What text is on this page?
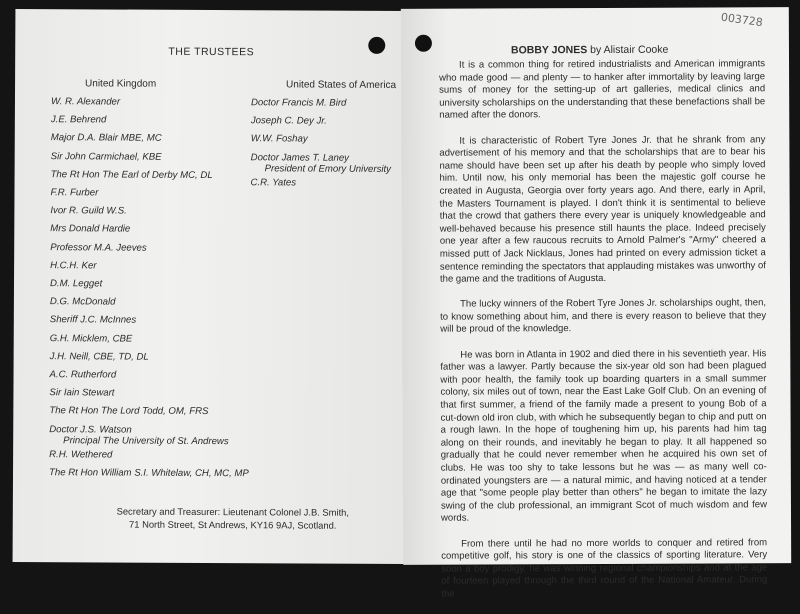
THE TRUSTEES
United Kingdom	United States of America
W. R. Alexander
J.E. Behrend
Major D.A. Blair MBE, MC
Sir John Carmichael, KBE
The Rt Hon The Earl of Derby MC, DL
F.R. Furber
Ivor R. Guild W.S.
Mrs Donald Hardie
Professor M.A. Jeeves
H.C.H. Ker
D.M. Legget
D.G. McDonald
Sheriff J.C. McInnes
G.H. Micklem, CBE
J.H. Neill, CBE, TD, DL
A.C. Rutherford
Sir Iain Stewart
The Rt Hon The Lord Todd, OM, FRS
Doctor J.S. Watson
Principal The University of St. Andrews
R.H. Wethered
The Rt Hon William S.I. Whitelaw, CH, MC, MP
Doctor Francis M. Bird
Joseph C. Dey Jr.
W.W. Foshay
Doctor James T. Laney
President of Emory University
C.R. Yates
Secretary and Treasurer: Lieutenant Colonel J.B. Smith,
71 North Street, St Andrews, KY16 9AJ, Scotland.
003728
BOBBY JONES by Alistair Cooke

It is a common thing for retired industrialists and American immigrants who made good — and plenty — to hanker after immortality by leaving large sums of money for the setting-up of art galleries, medical clinics and university scholarships on the understanding that these benefactions shall be named after the donors.

It is characteristic of Robert Tyre Jones Jr. that he shrank from any advertisement of his memory and that the scholarships that are to bear his name should have been set up after his death by people who simply loved him. Until now, his only memorial has been the majestic golf course he created in Augusta, Georgia over forty years ago. And there, early in April, the Masters Tournament is played. I don't think it is sentimental to believe that the crowd that gathers there every year is uniquely knowledgeable and well-behaved because his presence still haunts the place. Indeed precisely one year after a few raucous recruits to Arnold Palmer's "Army" cheered a missed putt of Jack Nicklaus, Jones had printed on every admission ticket a sentence reminding the spectators that applauding mistakes was unworthy of the game and the traditions of Augusta.

The lucky winners of the Robert Tyre Jones Jr. scholarships ought, then, to know something about him, and there is every reason to believe that they will be proud of the knowledge.

He was born in Atlanta in 1902 and died there in his seventieth year. His father was a lawyer. Partly because the six-year old son had been plagued with poor health, the family took up boarding quarters in a small summer colony, six miles out of town, near the East Lake Golf Club. On an evening of that first summer, a friend of the family made a present to young Bob of a cut-down old iron club, with which he subsequently began to chip and putt on a rough lawn. In the hope of toughening him up, his parents had him tag along on their rounds, and inevitably he began to play. It all happened so gradually that he could never remember when he acquired his own set of clubs. He was too shy to take lessons but he was — as many well co-ordinated youngsters are — a natural mimic, and having noticed at a tender age that "some people play better than others" he began to imitate the lazy swing of the club professional, an immigrant Scot of much wisdom and few words.

From there until he had no more worlds to conquer and retired from competitive golf, his story is one of the classics of sporting literature. Very soon a boy prodigy, he was winning regional championships and at the age of fourteen played through the third round of the National Amateur. During the
